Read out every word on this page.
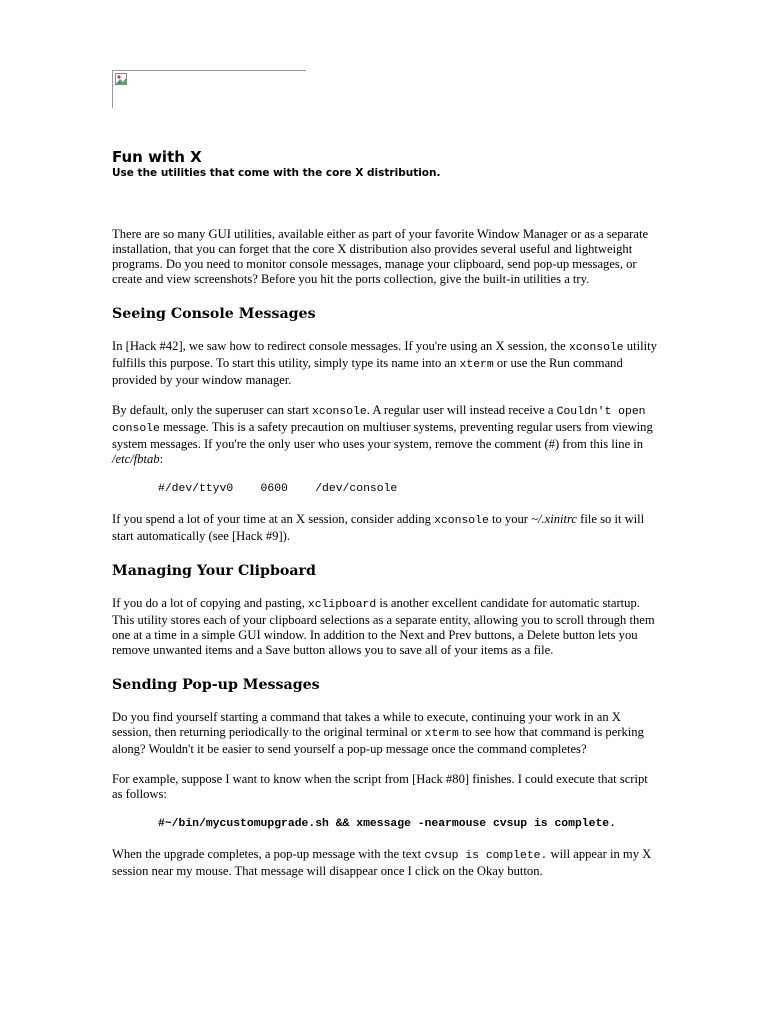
Fun with X
Use the utilities that come with the core X distribution.

There are so many GUI utilities, available either as part of your favorite Window Manager or as a separate installation, that you can forget that the core X distribution also provides several useful and lightweight programs. Do you need to monitor console messages, manage your clipboard, send pop-up messages, or create and view screenshots? Before you hit the ports collection, give the built-in utilities a try.

Seeing Console Messages

In [Hack #42], we saw how to redirect console messages. If you're using an X session, the xconsole utility fulfills this purpose. To start this utility, simply type its name into an xterm or use the Run command provided by your window manager.

By default, only the superuser can start xconsole. A regular user will instead receive a Couldn't open console message. This is a safety precaution on multiuser systems, preventing regular users from viewing system messages. If you're the only user who uses your system, remove the comment (#) from this line in /etc/fbtab:

#/dev/ttyv0    0600    /dev/console

If you spend a lot of your time at an X session, consider adding xconsole to your ~/.xinitrc file so it will start automatically (see [Hack #9]).

Managing Your Clipboard

If you do a lot of copying and pasting, xclipboard is another excellent candidate for automatic startup. This utility stores each of your clipboard selections as a separate entity, allowing you to scroll through them one at a time in a simple GUI window. In addition to the Next and Prev buttons, a Delete button lets you remove unwanted items and a Save button allows you to save all of your items as a file.

Sending Pop-up Messages

Do you find yourself starting a command that takes a while to execute, continuing your work in an X session, then returning periodically to the original terminal or xterm to see how that command is perking along? Wouldn't it be easier to send yourself a pop-up message once the command completes?

For example, suppose I want to know when the script from [Hack #80] finishes. I could execute that script as follows:

#~/bin/mycustomupgrade.sh && xmessage -nearmouse cvsup is complete.

When the upgrade completes, a pop-up message with the text cvsup is complete. will appear in my X session near my mouse. That message will disappear once I click on the Okay button.
